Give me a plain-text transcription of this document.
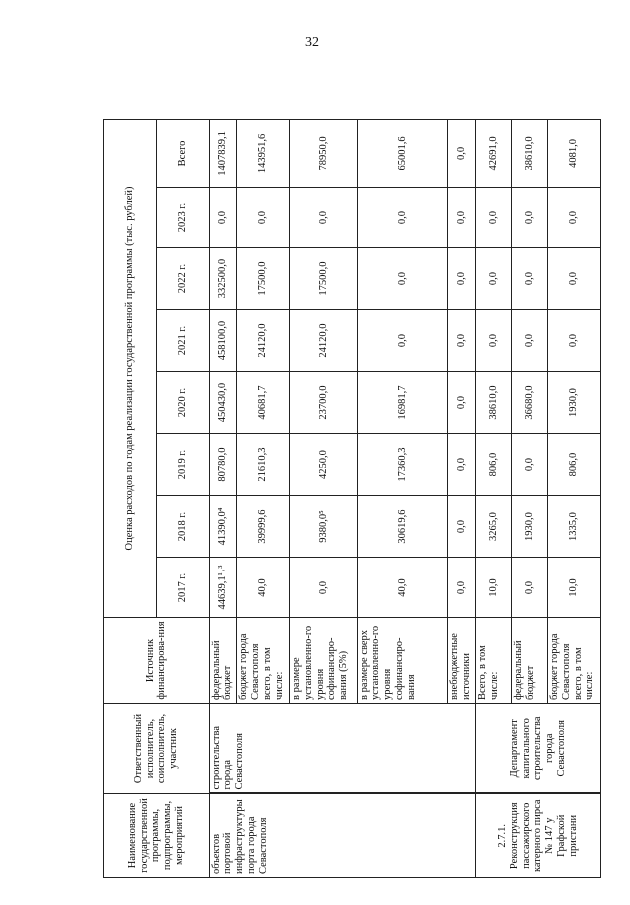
32
Наименование государственной программы, подпрограммы, мероприятий	Ответственный исполнитель, соисполнитель, участник	Источник финансирова-ния	Оценка расходов по годам реализации государственной программы (тыс. рублей)							
			2017 г.	2018 г.	2019 г.	2020 г.	2021 г.	2022 г.	2023 г.	Всего
объектов портовой инфраструктуры порта города Севастополя	строительства города Севастополя	федеральный бюджет	44639,1¹˒³	41390,0⁴	80780,0	450430,0	458100,0	332500,0	0,0	1407839,1
		бюджет города Севастополя всего, в том числе:	40,0	39999,6	21610,3	40681,7	24120,0	17500,0	0,0	143951,6
		в размере установленно-го уровня софинансиро-вания (5%)	0,0	9380,0⁵	4250,0	23700,0	24120,0	17500,0	0,0	78950,0
		в размере сверх установленно-го уровня софинансиро-вания	40,0	30619,6	17360,3	16981,7	0,0	0,0	0,0	65001,6
		внебюджетные источники	0,0	0,0	0,0	0,0	0,0	0,0	0,0	0,0
2.7.1. Реконструкция пассажирского катерного пирса № 147 у Графской пристани	Департамент капитального строительства города Севастополя	Всего, в том числе:	10,0	3265,0	806,0	38610,0	0,0	0,0	0,0	42691,0
		федеральный бюджет	0,0	1930,0	0,0	36680,0	0,0	0,0	0,0	38610,0
		бюджет города Севастополя всего, в том числе:	10,0	1335,0	806,0	1930,0	0,0	0,0	0,0	4081,0
